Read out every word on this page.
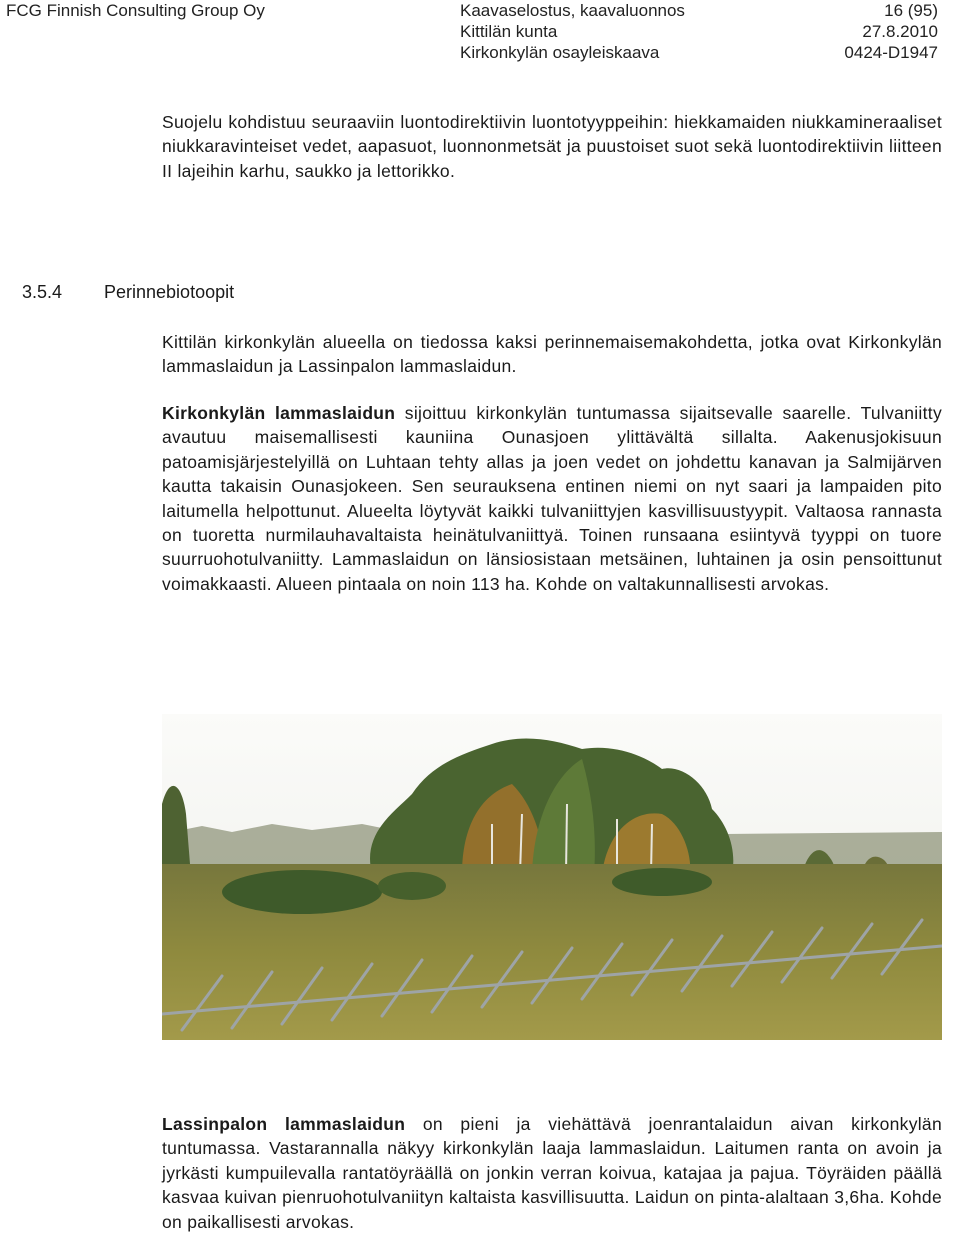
FCG Finnish Consulting Group Oy	Kaavaselostus, kaavaluonnos	16 (95)
Kittilän kunta	27.8.2010
Kirkonkylän osayleiskaava	0424-D1947

Suojelu kohdistuu seuraaviin luontodirektiivin luontotyyppeihin: hiekkamaiden niukkamineraaliset niukkaravinteiset vedet, aapasuot, luonnonmetsät ja puustoiset suot sekä luontodirektiivin liitteen II lajeihin karhu, saukko ja lettorikko.

3.5.4 Perinnebiotoopit

Kittilän kirkonkylän alueella on tiedossa kaksi perinnemaisemakohdetta, jotka ovat Kirkonkylän lammaslaidun ja Lassinpalon lammaslaidun.

Kirkonkylän lammaslaidun sijoittuu kirkonkylän tuntumassa sijaitsevalle saarelle. Tulvaniitty avautuu maisemallisesti kauniina Ounasjoen ylittävältä sillalta. Aakenusjokisuun patoamisjärjestelyillä on Luhtaan tehty allas ja joen vedet on johdettu kanavan ja Salmijärven kautta takaisin Ounasjokeen. Sen seurauksena entinen niemi on nyt saari ja lampaiden pito laitumella helpottunut. Alueelta löytyvät kaikki tulvaniittyjen kasvillisuustyypit. Valtaosa rannasta on tuoretta nurmilauhavaltaista heinätulvaniittyä. Toinen runsaana esiintyvä tyyppi on tuore suurruohotulvaniitty. Lammaslaidun on länsiosistaan metsäinen, luhtainen ja osin pensoittunut voimakkaasti. Alueen pintaala on noin 113 ha. Kohde on valtakunnallisesti arvokas.

Lassinpalon lammaslaidun on pieni ja viehättävä joenrantalaidun aivan kirkonkylän tuntumassa. Vastarannalla näkyy kirkonkylän laaja lammaslaidun. Laitumen ranta on avoin ja jyrkästi kumpuilevalla rantatöyräällä on jonkin verran koivua, katajaa ja pajua. Töyräiden päällä kasvaa kuivan pienruohotulvaniityn kaltaista kasvillisuutta. Laidun on pinta-alaltaan 3,6ha. Kohde on paikallisesti arvokas.
